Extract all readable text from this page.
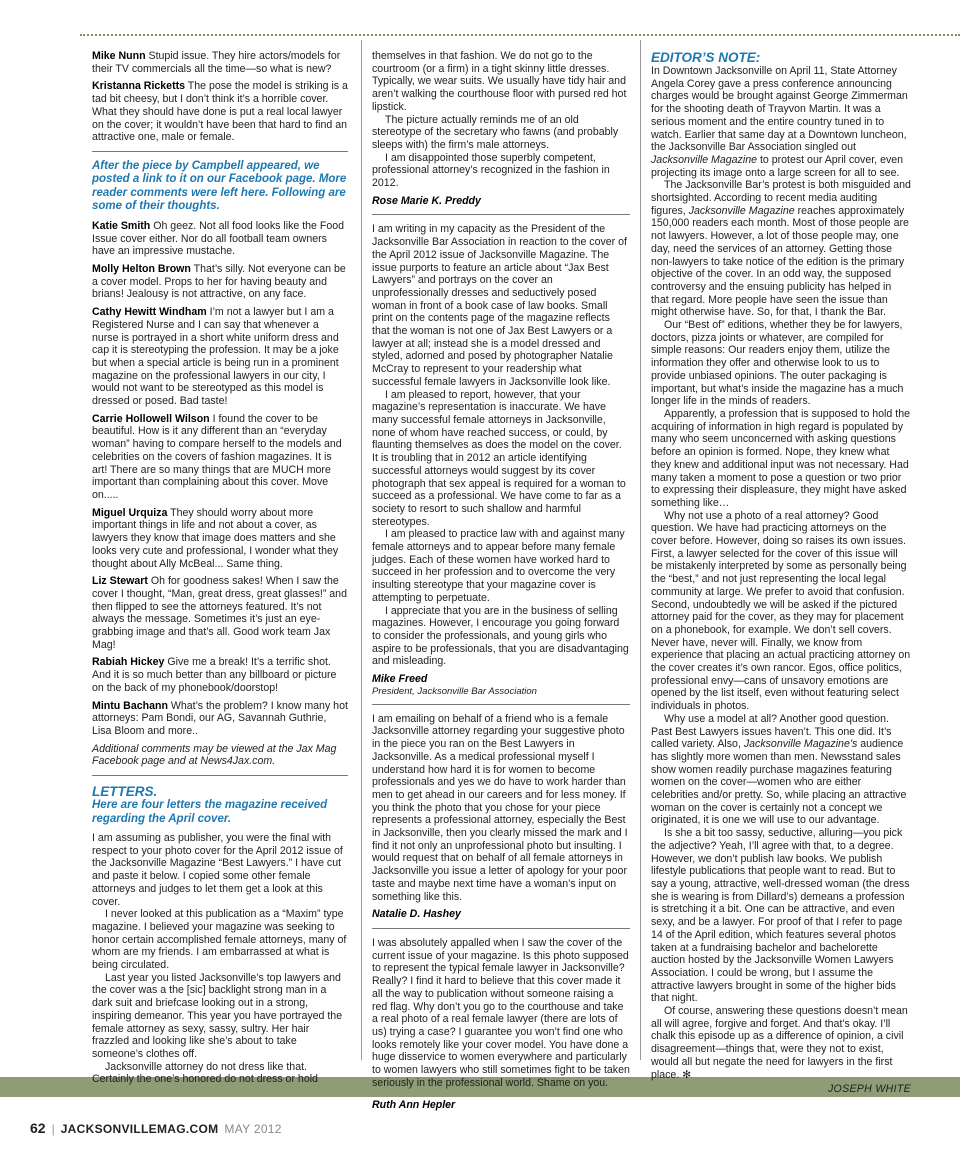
Mike Nunn Stupid issue. They hire actors/models for their TV commercials all the time—so what is new?

Kristanna Ricketts The pose the model is striking is a tad bit cheesy, but I don’t think it’s a horrible cover. What they should have done is put a real local lawyer on the cover; it wouldn’t have been that hard to find an attractive one, male or female.

After the piece by Campbell appeared, we posted a link to it on our Facebook page. More reader comments were left here. Following are some of their thoughts.

Katie Smith Oh geez. Not all food looks like the Food Issue cover either. Nor do all football team owners have an impressive mustache.

Molly Helton Brown That’s silly. Not everyone can be a cover model. Props to her for having beauty and brians! Jealousy is not attractive, on any face.

Cathy Hewitt Windham I’m not a lawyer but I am a Registered Nurse and I can say that whenever a nurse is portrayed in a short white uniform dress and cap it is stereotyping the profession. It may be a joke but when a special article is being run in a prominent magazine on the professional lawyers in our city, I would not want to be stereotyped as this model is dressed or posed. Bad taste!

Carrie Hollowell Wilson I found the cover to be beautiful. How is it any different than an “everyday woman” having to compare herself to the models and celebrities on the covers of fashion magazines. It is art! There are so many things that are MUCH more important than complaining about this cover. Move on.....

Miguel Urquiza They should worry about more important things in life and not about a cover, as lawyers they know that image does matters and she looks very cute and professional, I wonder what they thought about Ally McBeal... Same thing.

Liz Stewart Oh for goodness sakes! When I saw the cover I thought, “Man, great dress, great glasses!” and then flipped to see the attorneys featured. It’s not always the message. Sometimes it’s just an eye-grabbing image and that’s all. Good work team Jax Mag!

Rabiah Hickey Give me a break! It’s a terrific shot. And it is so much better than any billboard or picture on the back of my phonebook/doorstop!

Mintu Bachann What’s the problem? I know many hot attorneys: Pam Bondi, our AG, Savannah Guthrie, Lisa Bloom and more..

Additional comments may be viewed at the Jax Mag Facebook page and at News4Jax.com.

LETTERS.

Here are four letters the magazine received regarding the April cover.

I am assuming as publisher, you were the final with respect to your photo cover for the April 2012 issue of the Jacksonville Magazine “Best Lawyers.” I have cut and paste it below. I copied some other female attorneys and judges to let them get a look at this cover.

I never looked at this publication as a “Maxim” type magazine. I believed your magazine was seeking to honor certain accomplished female attorneys, many of whom are my friends. I am embarrassed at what is being circulated.

Last year you listed Jacksonville’s top lawyers and the cover was a the [sic] backlight strong man in a dark suit and briefcase looking out in a strong, inspiring demeanor. This year you have portrayed the female attorney as sexy, sassy, sultry. Her hair frazzled and looking like she’s about to take someone’s clothes off.

Jacksonville attorney do not dress like that. Certainly the one’s honored do not dress or hold

themselves in that fashion. We do not go to the courtroom (or a firm) in a tight skinny little dresses. Typically, we wear suits. We usually have tidy hair and aren’t walking the courthouse floor with pursed red hot lipstick.

The picture actually reminds me of an old stereotype of the secretary who fawns (and probably sleeps with) the firm’s male attorneys.

I am disappointed those superbly competent, professional attorney’s recognized in the fashion in 2012.

Rose Marie K. Preddy

I am writing in my capacity as the President of the Jacksonville Bar Association in reaction to the cover of the April 2012 issue of Jacksonville Magazine. The issue purports to feature an article about “Jax Best Lawyers” and portrays on the cover an unprofessionally dresses and seductively posed woman in front of a book case of law books. Small print on the contents page of the magazine reflects that the woman is not one of Jax Best Lawyers or a lawyer at all; instead she is a model dressed and styled, adorned and posed by photographer Natalie McCray to represent to your readership what successful female lawyers in Jacksonville look like.

I am pleased to report, however, that your magazine’s representation is inaccurate. We have many successful female attorneys in Jacksonville, none of whom have reached success, or could, by flaunting themselves as does the model on the cover. It is troubling that in 2012 an article identifying successful attorneys would suggest by its cover photograph that sex appeal is required for a woman to succeed as a professional. We have come to far as a society to resort to such shallow and harmful stereotypes.

I am pleased to practice law with and against many female attorneys and to appear before many female judges. Each of these women have worked hard to succeed in her profession and to overcome the very insulting stereotype that your magazine cover is attempting to perpetuate.

I appreciate that you are in the business of selling magazines. However, I encourage you going forward to consider the professionals, and young girls who aspire to be professionals, that you are disadvantaging and misleading.

Mike Freed

President, Jacksonville Bar Association

I am emailing on behalf of a friend who is a female Jacksonville attorney regarding your suggestive photo in the piece you ran on the Best Lawyers in Jacksonville. As a medical professional myself I understand how hard it is for women to become professionals and yes we do have to work harder than men to get ahead in our careers and for less money. If you think the photo that you chose for your piece represents a professional attorney, especially the Best in Jacksonville, then you clearly missed the mark and I find it not only an unprofessional photo but insulting. I would request that on behalf of all female attorneys in Jacksonville you issue a letter of apology for your poor taste and maybe next time have a woman’s input on something like this.

Natalie D. Hashey

I was absolutely appalled when I saw the cover of the current issue of your magazine. Is this photo supposed to represent the typical female lawyer in Jacksonville? Really? I find it hard to believe that this cover made it all the way to publication without someone raising a red flag. Why don’t you go to the courthouse and take a real photo of a real female lawyer (there are lots of us) trying a case? I guarantee you won’t find one who looks remotely like your cover model. You have done a huge disservice to women everywhere and particularly to women lawyers who still sometimes fight to be taken seriously in the professional world. Shame on you.

Ruth Ann Hepler

EDITOR’S NOTE:

In Downtown Jacksonville on April 11, State Attorney Angela Corey gave a press conference announcing charges would be brought against George Zimmerman for the shooting death of Trayvon Martin. It was a serious moment and the entire country tuned in to watch. Earlier that same day at a Downtown luncheon, the Jacksonville Bar Association singled out Jacksonville Magazine to protest our April cover, even projecting its image onto a large screen for all to see.

The Jacksonville Bar’s protest is both misguided and shortsighted. According to recent media auditing figures, Jacksonville Magazine reaches approximately 150,000 readers each month. Most of those people are not lawyers. However, a lot of those people may, one day, need the services of an attorney. Getting those non-lawyers to take notice of the edition is the primary objective of the cover. In an odd way, the supposed controversy and the ensuing publicity has helped in that regard. More people have seen the issue than might otherwise have. So, for that, I thank the Bar.

Our “Best of” editions, whether they be for lawyers, doctors, pizza joints or whatever, are compiled for simple reasons: Our readers enjoy them, utilize the information they offer and otherwise look to us to provide unbiased opinions. The outer packaging is important, but what’s inside the magazine has a much longer life in the minds of readers.

Apparently, a profession that is supposed to hold the acquiring of information in high regard is populated by many who seem unconcerned with asking questions before an opinion is formed. Nope, they knew what they knew and additional input was not necessary. Had many taken a moment to pose a question or two prior to expressing their displeasure, they might have asked something like…

Why not use a photo of a real attorney? Good question. We have had practicing attorneys on the cover before. However, doing so raises its own issues. First, a lawyer selected for the cover of this issue will be mistakenly interpreted by some as personally being the “best,” and not just representing the local legal community at large. We prefer to avoid that confusion. Second, undoubtedly we will be asked if the pictured attorney paid for the cover, as they may for placement on a phonebook, for example. We don’t sell covers. Never have, never will. Finally, we know from experience that placing an actual practicing attorney on the cover creates it’s own rancor. Egos, office politics, professional envy—cans of unsavory emotions are opened by the list itself, even without featuring select individuals in photos.

Why use a model at all? Another good question. Past Best Lawyers issues haven’t. This one did. It’s called variety. Also, Jacksonville Magazine’s audience has slightly more women than men. Newsstand sales show women readily purchase magazines featuring women on the cover—women who are either celebrities and/or pretty. So, while placing an attractive woman on the cover is certainly not a concept we originated, it is one we will use to our advantage.

Is she a bit too sassy, seductive, alluring—you pick the adjective? Yeah, I’ll agree with that, to a degree. However, we don’t publish law books. We publish lifestyle publications that people want to read. But to say a young, attractive, well-dressed woman (the dress she is wearing is from Dillard’s) demeans a profession is stretching it a bit. One can be attractive, and even sexy, and be a lawyer. For proof of that I refer to page 14 of the April edition, which features several photos taken at a fundraising bachelor and bachelorette auction hosted by the Jacksonville Women Lawyers Association. I could be wrong, but I assume the attractive lawyers brought in some of the higher bids that night.

Of course, answering these questions doesn’t mean all will agree, forgive and forget. And that’s okay. I’ll chalk this episode up as a difference of opinion, a civil disagreement—things that, were they not to exist, would all but negate the need for lawyers in the first place. ✻

JOSEPH WHITE

62 | JACKSONVILLEMAG.COM MAY 2012
